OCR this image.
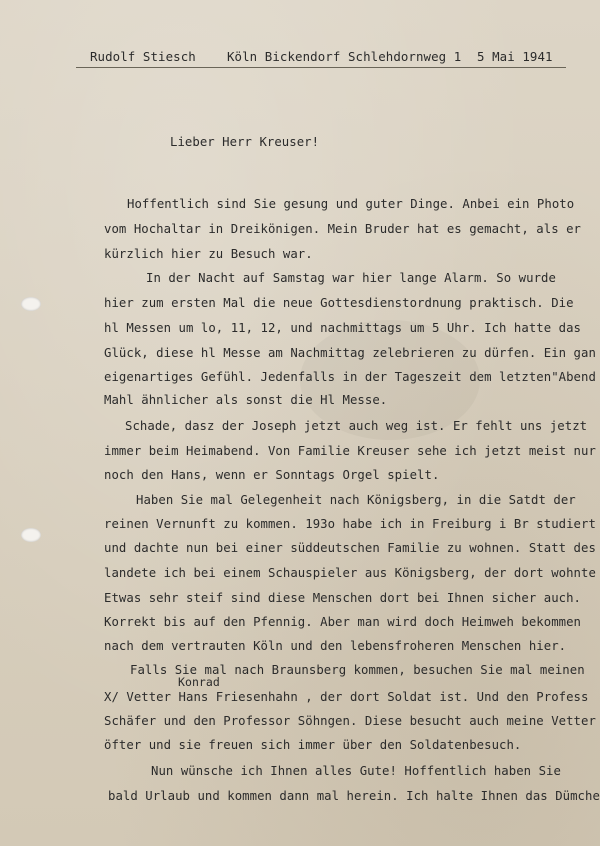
Rudolf Stiesch	Köln Bickendorf Schlehdornweg 1 5 Mai 1941
Lieber Herr Kreuser!
Hoffentlich sind Sie gesung und guter Dinge. Anbei ein Photo
vom Hochaltar in Dreikönigen. Mein Bruder hat es gemacht, als er
kürzlich hier zu Besuch war.
In der Nacht auf Samstag war hier lange Alarm. So wurde
hier zum ersten Mal die neue Gottesdienstordnung praktisch. Die
hl Messen um lo, 11, 12, und nachmittags um 5 Uhr. Ich hatte das
Glück, diese hl Messe am Nachmittag zelebrieren zu dürfen. Ein gan
eigenartiges Gefühl. Jedenfalls in der Tageszeit dem letzten"Abend
Mahl ähnlicher als sonst die Hl Messe.
Schade, dasz der Joseph jetzt auch weg ist. Er fehlt uns jetzt
immer beim Heimabend. Von Familie Kreuser sehe ich jetzt meist nur
noch den Hans, wenn er Sonntags Orgel spielt.
Haben Sie mal Gelegenheit nach Königsberg, in die Satdt der
reinen Vernunft zu kommen. 193o habe ich in Freiburg i Br studiert
und dachte nun bei einer süddeutschen Familie zu wohnen. Statt des
landete ich bei einem Schauspieler aus Königsberg, der dort wohnte
Etwas sehr steif sind diese Menschen dort bei Ihnen sicher auch.
Korrekt bis auf den Pfennig. Aber man wird doch Heimweh bekommen
nach dem vertrauten Köln und den lebensfroheren Menschen hier.
Falls Sie mal nach Braunsberg kommen, besuchen Sie mal meinen
Konrad
X/ Vetter Hans Friesenhahn , der dort Soldat ist. Und den Profess
Schäfer und den Professor Söhngen. Diese besucht auch meine Vetter
öfter und sie freuen sich immer über den Soldatenbesuch.
Nun wünsche ich Ihnen alles Gute! Hoffentlich haben Sie
bald Urlaub und kommen dann mal herein. Ich halte Ihnen das Dümche
